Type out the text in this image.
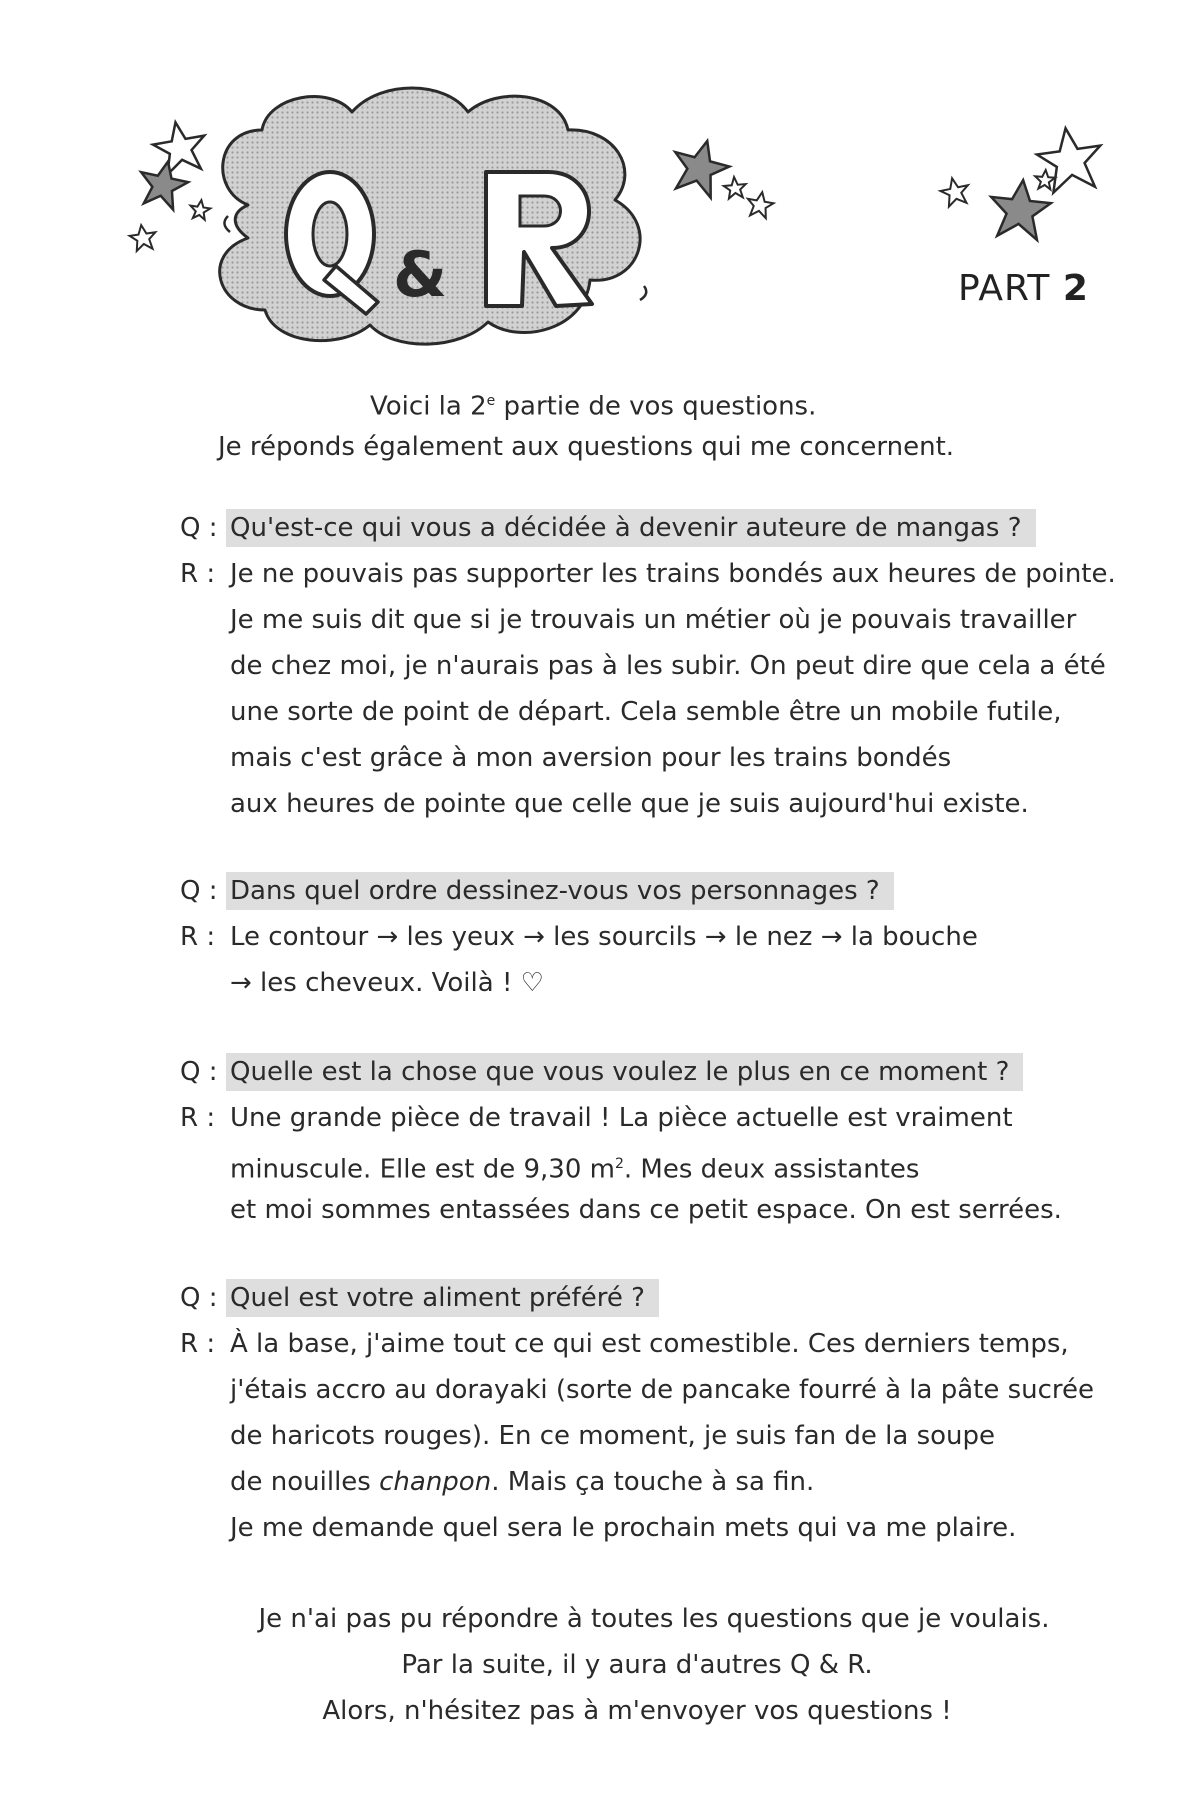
&	PART 2
Voici la 2e partie de vos questions.
Je réponds également aux questions qui me concernent.
Q : Qu'est-ce qui vous a décidée à devenir auteure de mangas ?
R : Je ne pouvais pas supporter les trains bondés aux heures de pointe.
Je me suis dit que si je trouvais un métier où je pouvais travailler
de chez moi, je n'aurais pas à les subir. On peut dire que cela a été
une sorte de point de départ. Cela semble être un mobile futile,
mais c'est grâce à mon aversion pour les trains bondés
aux heures de pointe que celle que je suis aujourd'hui existe.
Q : Dans quel ordre dessinez-vous vos personnages ?
R : Le contour → les yeux → les sourcils → le nez → la bouche
→ les cheveux. Voilà ! ♡
Q : Quelle est la chose que vous voulez le plus en ce moment ?
R : Une grande pièce de travail ! La pièce actuelle est vraiment
minuscule. Elle est de 9,30 $m^2$. Mes deux assistantes
et moi sommes entassées dans ce petit espace. On est serrées.
Q : Quel est votre aliment préféré ?
R : À la base, j'aime tout ce qui est comestible. Ces derniers temps,
j'étais accro au dorayaki (sorte de pancake fourré à la pâte sucrée
de haricots rouges). En ce moment, je suis fan de la soupe
de nouilles chanpon. Mais ça touche à sa fin.
Je me demande quel sera le prochain mets qui va me plaire.
Je n'ai pas pu répondre à toutes les questions que je voulais.
Par la suite, il y aura d'autres Q & R.
Alors, n'hésitez pas à m'envoyer vos questions !
